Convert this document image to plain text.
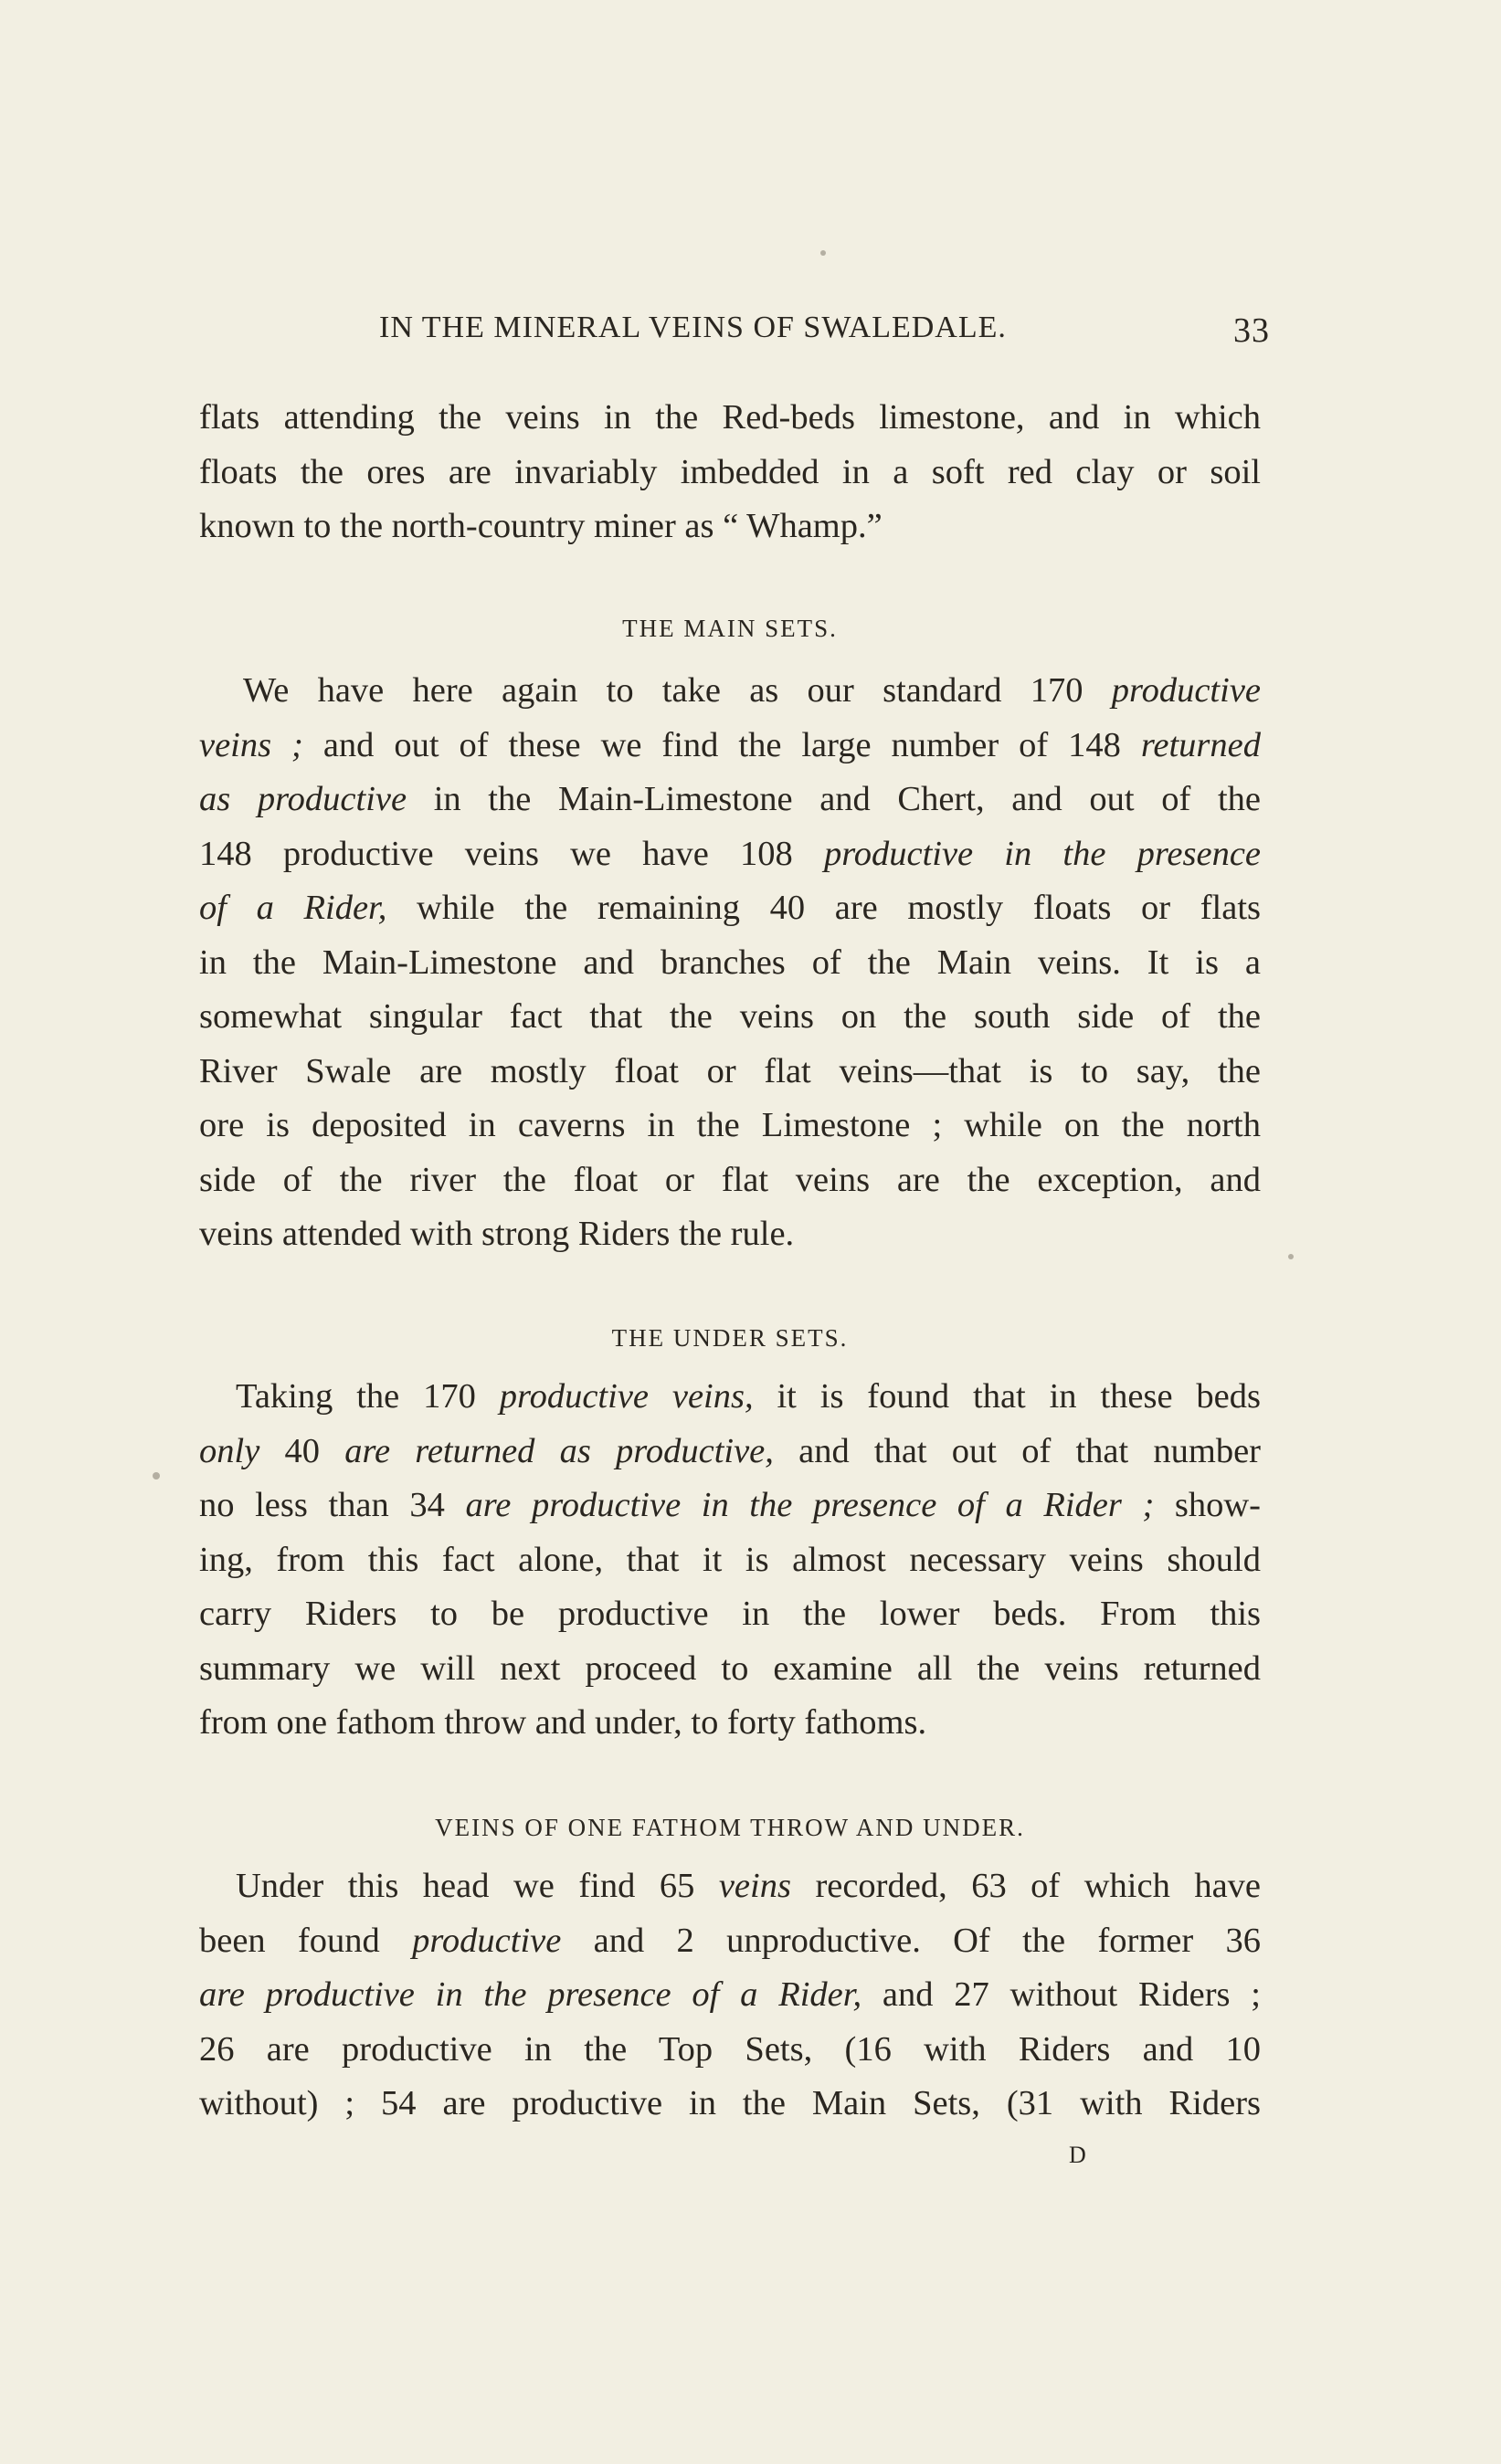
IN THE MINERAL VEINS OF SWALEDALE.	33
flats attending the veins in the Red-beds limestone, and in which
floats the ores are invariably imbedded in a soft red clay or soil
known to the north-country miner as “ Whamp.”
THE MAIN SETS.
We have here again to take as our standard 170 productive
veins ; and out of these we find the large number of 148 returned
as productive in the Main-Limestone and Chert, and out of the
148 productive veins we have 108 productive in the presence
of a Rider, while the remaining 40 are mostly floats or flats
in the Main-Limestone and branches of the Main veins. It is a
somewhat singular fact that the veins on the south side of the
River Swale are mostly float or flat veins—that is to say, the
ore is deposited in caverns in the Limestone ; while on the north
side of the river the float or flat veins are the exception, and
veins attended with strong Riders the rule.
THE UNDER SETS.
Taking the 170 productive veins, it is found that in these beds
only 40 are returned as productive, and that out of that number
no less than 34 are productive in the presence of a Rider ; show-
ing, from this fact alone, that it is almost necessary veins should
carry Riders to be productive in the lower beds. From this
summary we will next proceed to examine all the veins returned
from one fathom throw and under, to forty fathoms.
VEINS OF ONE FATHOM THROW AND UNDER.
Under this head we find 65 veins recorded, 63 of which have
been found productive and 2 unproductive. Of the former 36
are productive in the presence of a Rider, and 27 without Riders ;
26 are productive in the Top Sets, (16 with Riders and 10
without) ; 54 are productive in the Main Sets, (31 with Riders
D
